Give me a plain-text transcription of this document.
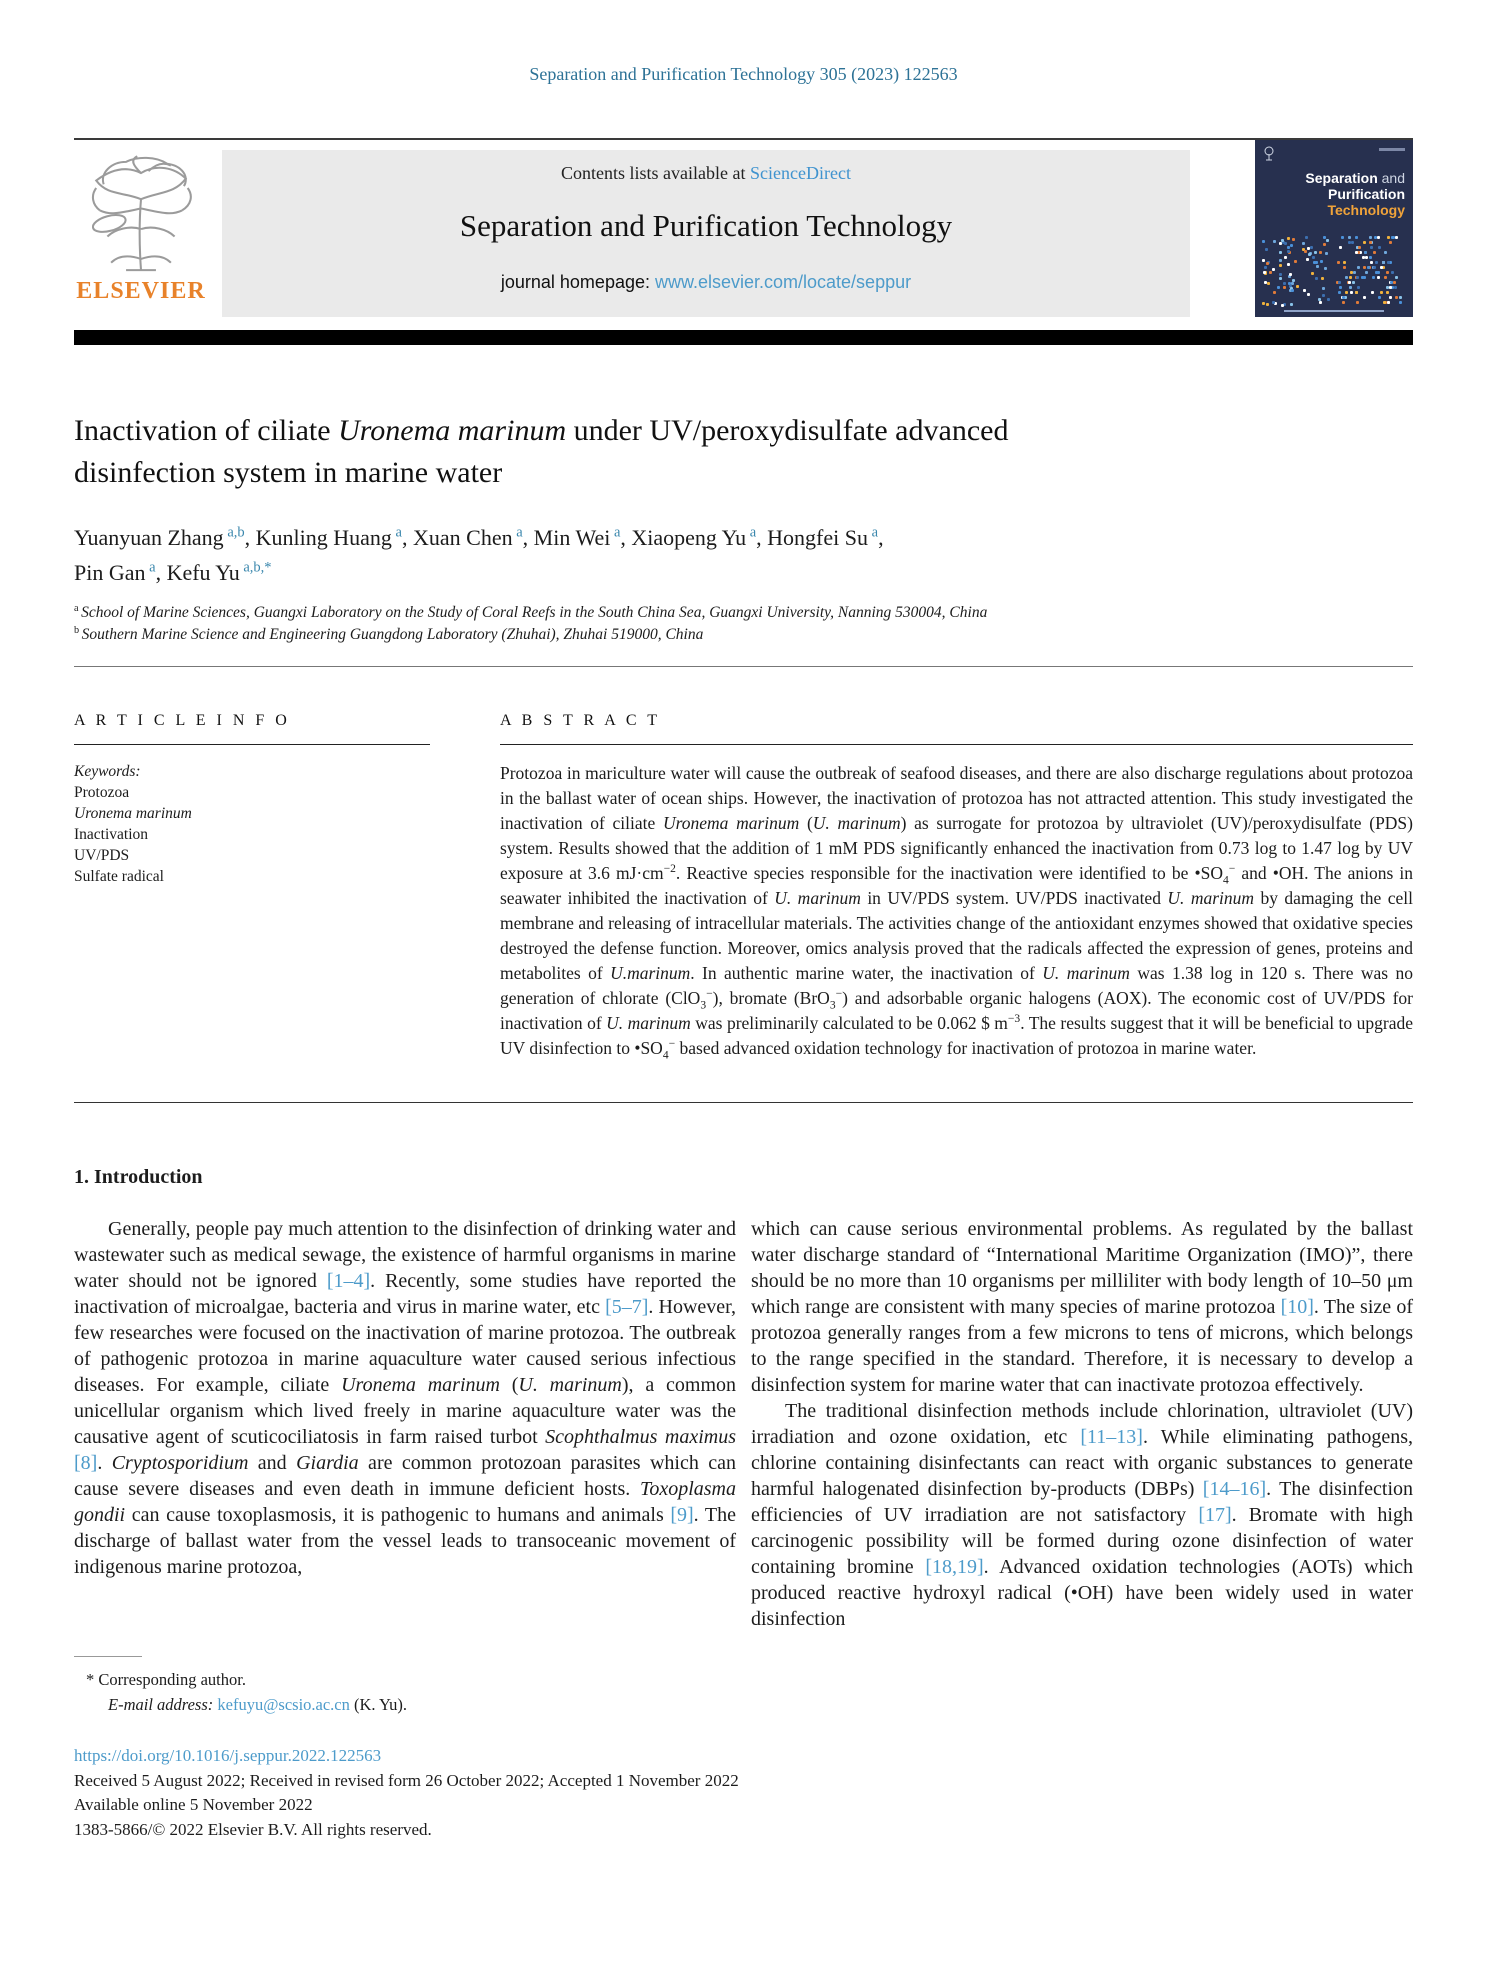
Separation and Purification Technology 305 (2023) 122563
ELSEVIER
Contents lists available at ScienceDirect
Separation and Purification Technology
journal homepage: www.elsevier.com/locate/seppur
Separation and
Purification
Technology
Inactivation of ciliate Uronema marinum under UV/peroxydisulfate advanced disinfection system in marine water
Yuanyuan Zhang $^{a,b}$, Kunling Huang $^a$, Xuan Chen $^a$, Min Wei $^a$, Xiaopeng Yu $^a$, Hongfei Su $^a$,
Pin Gan $^a$, Kefu Yu $^{a,b,*}$
$^a$ School of Marine Sciences, Guangxi Laboratory on the Study of Coral Reefs in the South China Sea, Guangxi University, Nanning 530004, China
$^b$ Southern Marine Science and Engineering Guangdong Laboratory (Zhuhai), Zhuhai 519000, China
A R T I C L E I N F O
Keywords:
Protozoa
Uronema marinum
Inactivation
UV/PDS
Sulfate radical
A B S T R A C T

Protozoa in mariculture water will cause the outbreak of seafood diseases, and there are also discharge regulations about protozoa in the ballast water of ocean ships. However, the inactivation of protozoa has not attracted attention. This study investigated the inactivation of ciliate Uronema marinum (U. marinum) as surrogate for protozoa by ultraviolet (UV)/peroxydisulfate (PDS) system. Results showed that the addition of 1 mM PDS significantly enhanced the inactivation from 0.73 log to 1.47 log by UV exposure at 3.6 $mJ\cdot cm^{-2}$. Reactive species responsible for the inactivation were identified to be $•SO_4^-$ and •OH. The anions in seawater inhibited the inactivation of U. marinum in UV/PDS system. UV/PDS inactivated U. marinum by damaging the cell membrane and releasing of intracellular materials. The activities change of the antioxidant enzymes showed that oxidative species destroyed the defense function. Moreover, omics analysis proved that the radicals affected the expression of genes, proteins and metabolites of U.marinum. In authentic marine water, the inactivation of U. marinum was 1.38 log in 120 s. There was no generation of chlorate (ClO$_3$−), bromate (BrO$_3$−) and adsorbable organic halogens (AOX). The economic cost of UV/PDS for inactivation of U. marinum was preliminarily calculated to be 0.062 $ $m^{-3}$. The results suggest that it will be beneficial to upgrade UV disinfection to $•SO_4^-$ based advanced oxidation technology for inactivation of protozoa in marine water.

1. Introduction

Generally, people pay much attention to the disinfection of drinking water and wastewater such as medical sewage, the existence of harmful organisms in marine water should not be ignored [1–4]. Recently, some studies have reported the inactivation of microalgae, bacteria and virus in marine water, etc [5–7]. However, few researches were focused on the inactivation of marine protozoa. The outbreak of pathogenic protozoa in marine aquaculture water caused serious infectious diseases. For example, ciliate Uronema marinum (U. marinum), a common unicellular organism which lived freely in marine aquaculture water was the causative agent of scuticociliatosis in farm raised turbot Scophthalmus maximus [8]. Cryptosporidium and Giardia are common protozoan parasites which can cause severe diseases and even death in immune deficient hosts. Toxoplasma gondii can cause toxoplasmosis, it is pathogenic to humans and animals [9]. The discharge of ballast water from the vessel leads to transoceanic movement of indigenous marine protozoa,

which can cause serious environmental problems. As regulated by the ballast water discharge standard of “International Maritime Organization (IMO)”, there should be no more than 10 organisms per milliliter with body length of 10–50 μm which range are consistent with many species of marine protozoa [10]. The size of protozoa generally ranges from a few microns to tens of microns, which belongs to the range specified in the standard. Therefore, it is necessary to develop a disinfection system for marine water that can inactivate protozoa effectively.

The traditional disinfection methods include chlorination, ultraviolet (UV) irradiation and ozone oxidation, etc [11–13]. While eliminating pathogens, chlorine containing disinfectants can react with organic substances to generate harmful halogenated disinfection by-products (DBPs) [14–16]. The disinfection efficiencies of UV irradiation are not satisfactory [17]. Bromate with high carcinogenic possibility will be formed during ozone disinfection of water containing bromine [18,19]. Advanced oxidation technologies (AOTs) which produced reactive hydroxyl radical (•OH) have been widely used in water disinfection

* Corresponding author.
E-mail address: kefuyu@scsio.ac.cn (K. Yu).
https://doi.org/10.1016/j.seppur.2022.122563
Received 5 August 2022; Received in revised form 26 October 2022; Accepted 1 November 2022
Available online 5 November 2022
1383-5866/© 2022 Elsevier B.V. All rights reserved.
